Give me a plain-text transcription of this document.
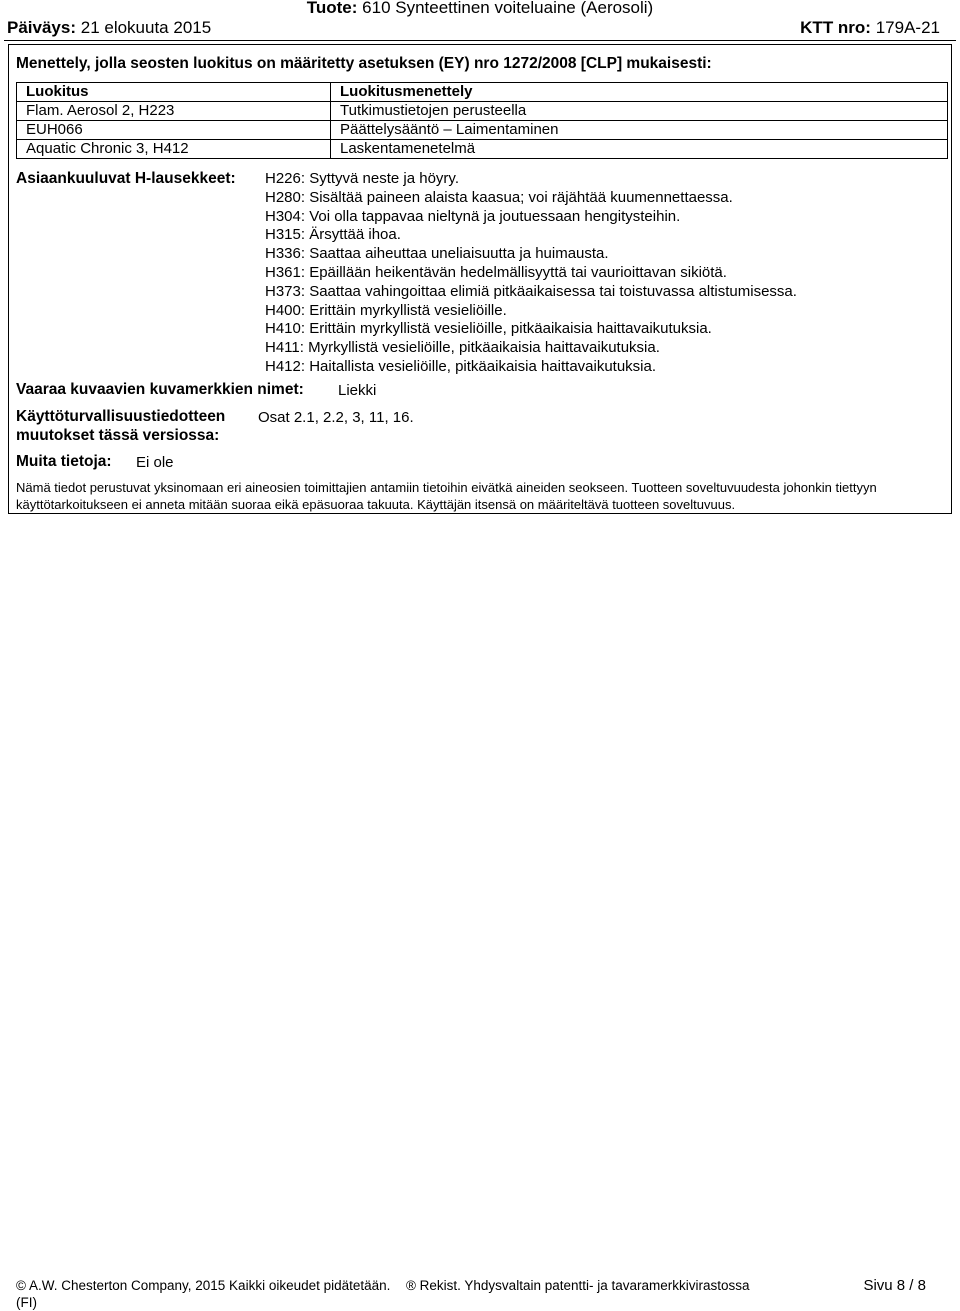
Tuote: 610 Synteettinen voiteluaine (Aerosoli)
Päiväys: 21 elokuuta 2015	KTT nro: 179A-21
Menettely, jolla seosten luokitus on määritetty asetuksen (EY) nro 1272/2008 [CLP] mukaisesti:
Luokitus	Luokitusmenettely
Flam. Aerosol 2, H223	Tutkimustietojen perusteella
EUH066	Päättelysääntö – Laimentaminen
Aquatic Chronic 3, H412	Laskentamenetelmä
Asiaankuuluvat H-lausekkeet: H226: Syttyvä neste ja höyry.
H280: Sisältää paineen alaista kaasua; voi räjähtää kuumennettaessa.
H304: Voi olla tappavaa nieltynä ja joutuessaan hengitysteihin.
H315: Ärsyttää ihoa.
H336: Saattaa aiheuttaa uneliaisuutta ja huimausta.
H361: Epäillään heikentävän hedelmällisyyttä tai vaurioittavan sikiötä.
H373: Saattaa vahingoittaa elimiä pitkäaikaisessa tai toistuvassa altistumisessa.
H400: Erittäin myrkyllistä vesieliöille.
H410: Erittäin myrkyllistä vesieliöille, pitkäaikaisia haittavaikutuksia.
H411: Myrkyllistä vesieliöille, pitkäaikaisia haittavaikutuksia.
H412: Haitallista vesieliöille, pitkäaikaisia haittavaikutuksia.
Vaaraa kuvaavien kuvamerkkien nimet: Liekki
Käyttöturvallisuustiedotteen
muutokset tässä versiossa:
Osat 2.1, 2.2, 3, 11, 16.
Muita tietoja: Ei ole
Nämä tiedot perustuvat yksinomaan eri aineosien toimittajien antamiin tietoihin eivätkä aineiden seokseen. Tuotteen soveltuvuudesta johonkin tiettyyn käyttötarkoitukseen ei anneta mitään suoraa eikä epäsuoraa takuuta. Käyttäjän itsensä on määriteltävä tuotteen soveltuvuus.
© A.W. Chesterton Company, 2015 Kaikki oikeudet pidätetään. ® Rekist. Yhdysvaltain patentti- ja tavaramerkkivirastossa
(FI)
Sivu 8 / 8
